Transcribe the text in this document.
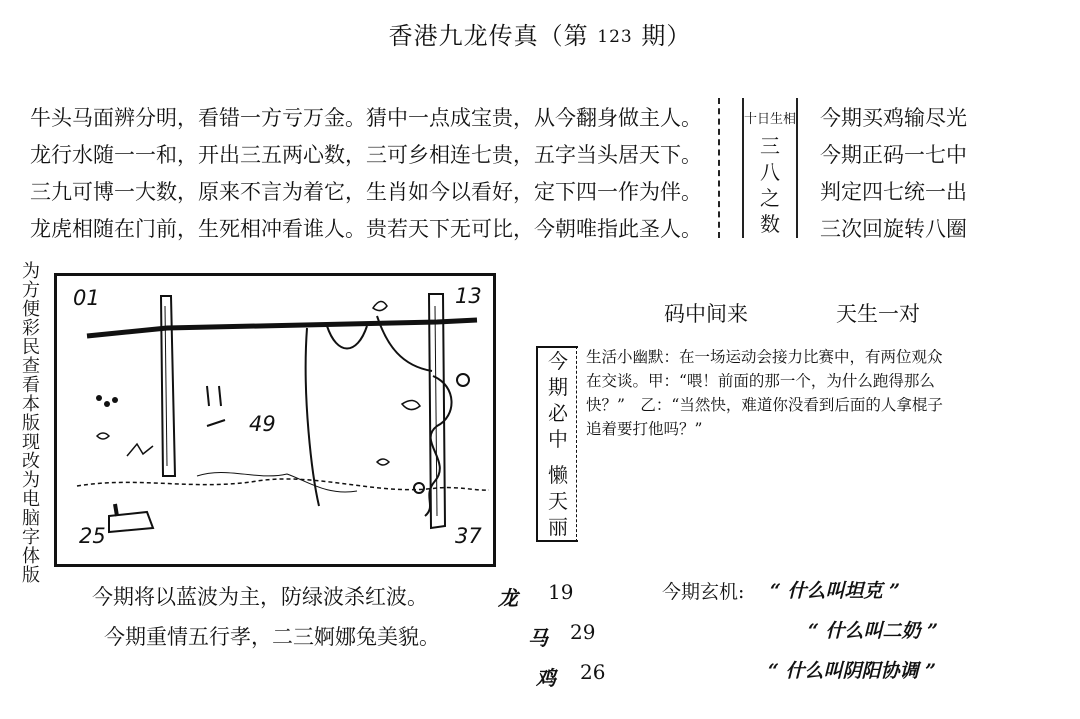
香港九龙传真（第 123 期）
牛头马面辨分明，看错一方亏万金。猜中一点成宝贵，从今翻身做主人。
龙行水随一一和，开出三五两心数，三可乡相连七贵，五字当头居天下。
三九可博一大数，原来不言为着它，生肖如今以看好，定下四一作为伴。
龙虎相随在门前，生死相冲看谁人。贵若天下无可比，今朝唯指此圣人。
十日生相
三
八
之
数
今期买鸡输尽光
今期正码一七中
判定四七统一出
三次回旋转八圈
为
方
便
彩
民
查
看
本
版
现
改
为
电
脑
字
体
版
01	13
25	37
49
码中间来	天生一对
今
期
必
中
懒
天
丽
生活小幽默：在一场运动会接力比赛中，有两位观众
在交谈。甲：“喂！前面的那一个，为什么跑得那么
快？”　乙：“当然快，难道你没看到后面的人拿棍子
追着要打他吗？”
今期将以蓝波为主，防绿波杀红波。
今期重情五行孝，二三婀娜兔美貌。
龙 19
马 29
鸡 26
今期玄机: “ 什么叫坦克 ”
“ 什么叫二奶 ”
“ 什么叫阴阳协调 ”
